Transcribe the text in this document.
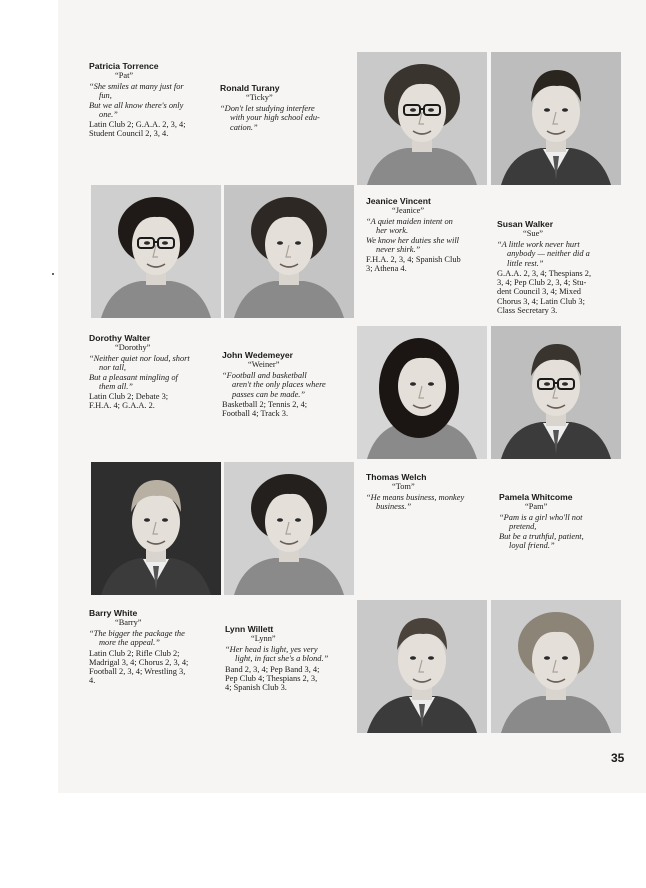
Patricia Torrence
“Pat”
“She smiles at many just for
fun,
But we all know there's only
one.”
Latin Club 2; G.A.A. 2, 3, 4;
Student Council 2, 3, 4.
Ronald Turany
“Ticky”
“Don't let studying interfere
with your high school edu-
cation.”
Jeanice Vincent
“Jeanice”
“A quiet maiden intent on
her work.
We know her duties she will
never shirk.”
F.H.A. 2, 3, 4; Spanish Club
3; Athena 4.
Susan Walker
“Sue”
“A little work never hurt
anybody — neither did a
little rest.”
G.A.A. 2, 3, 4; Thespians 2,
3, 4; Pep Club 2, 3, 4; Stu-
dent Council 3, 4; Mixed
Chorus 3, 4; Latin Club 3;
Class Secretary 3.
Dorothy Walter
“Dorothy”
“Neither quiet nor loud, short
nor tall,
But a pleasant mingling of
them all.”
Latin Club 2; Debate 3;
F.H.A. 4; G.A.A. 2.
John Wedemeyer
“Weiner”
“Football and basketball
aren't the only places where
passes can be made.”
Basketball 2; Tennis 2, 4;
Football 4; Track 3.
Thomas Welch
“Tom”
“He means business, monkey
business.”
Pamela Whitcome
“Pam”
“Pam is a girl who'll not
pretend,
But be a truthful, patient,
loyal friend.”
Barry White
“Barry”
“The bigger the package the
more the appeal.”
Latin Club 2; Rifle Club 2;
Madrigal 3, 4; Chorus 2, 3, 4;
Football 2, 3, 4; Wrestling 3,
4.
Lynn Willett
“Lynn”
“Her head is light, yes very
light, in fact she's a blond.”
Band 2, 3, 4; Pep Band 3, 4;
Pep Club 4; Thespians 2, 3,
4; Spanish Club 3.
35
